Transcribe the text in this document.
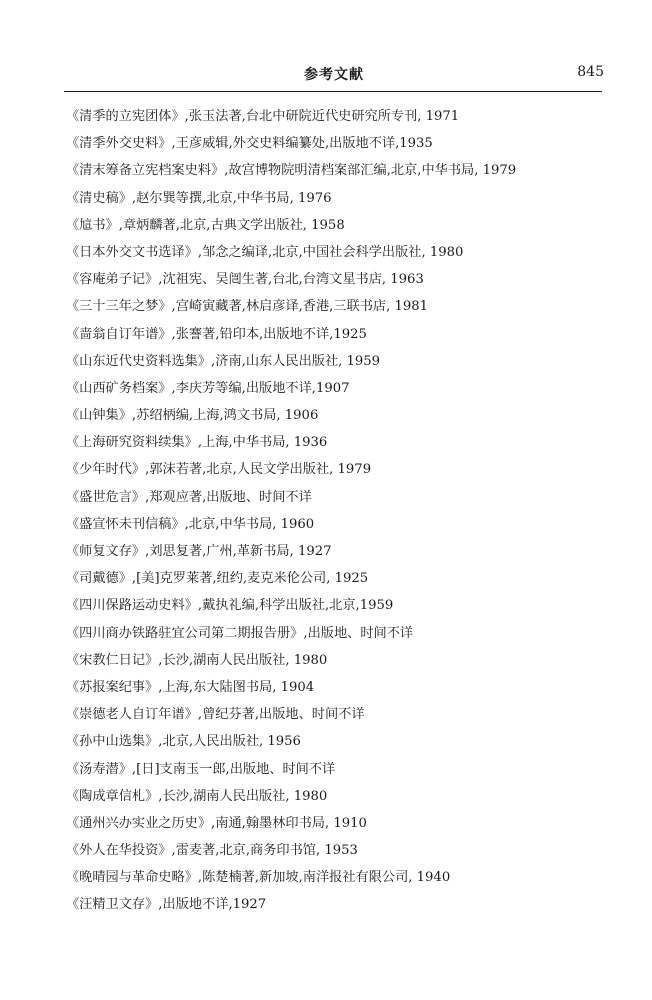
参考文献	845
《清季的立宪团体》,张玉法著,台北中研院近代史研究所专刊, 1971
《清季外交史料》,王彦威辑,外交史料编纂处,出版地不详,1935
《清末筹备立宪档案史料》,故宫博物院明清档案部汇编,北京,中华书局, 1979
《清史稿》,赵尔巽等撰,北京,中华书局, 1976
《訄书》,章炳麟著,北京,古典文学出版社, 1958
《日本外交文书选译》,邹念之编译,北京,中国社会科学出版社, 1980
《容庵弟子记》,沈祖宪、吴闿生著,台北,台湾文星书店, 1963
《三十三年之梦》,宫崎寅藏著,林启彦译,香港,三联书店, 1981
《啬翁自订年谱》,张謇著,铅印本,出版地不详,1925
《山东近代史资料选集》,济南,山东人民出版社, 1959
《山西矿务档案》,李庆芳等编,出版地不详,1907
《山钟集》,苏绍柄编,上海,鸿文书局, 1906
《上海研究资料续集》,上海,中华书局, 1936
《少年时代》,郭沫若著,北京,人民文学出版社, 1979
《盛世危言》,郑观应著,出版地、时间不详
《盛宣怀未刊信稿》,北京,中华书局, 1960
《师复文存》,刘思复著,广州,革新书局, 1927
《司戴德》,[美]克罗莱著,纽约,麦克米伦公司, 1925
《四川保路运动史料》,戴执礼编,科学出版社,北京,1959
《四川商办铁路驻宜公司第二期报告册》,出版地、时间不详
《宋教仁日记》,长沙,湖南人民出版社, 1980
《苏报案纪事》,上海,东大陆图书局, 1904
《崇德老人自订年谱》,曾纪芬著,出版地、时间不详
《孙中山选集》,北京,人民出版社, 1956
《汤寿潜》,[日]支南玉一郎,出版地、时间不详
《陶成章信札》,长沙,湖南人民出版社, 1980
《通州兴办实业之历史》,南通,翰墨林印书局, 1910
《外人在华投资》,雷麦著,北京,商务印书馆, 1953
《晚晴园与革命史略》,陈楚楠著,新加坡,南洋报社有限公司, 1940
《汪精卫文存》,出版地不详,1927
